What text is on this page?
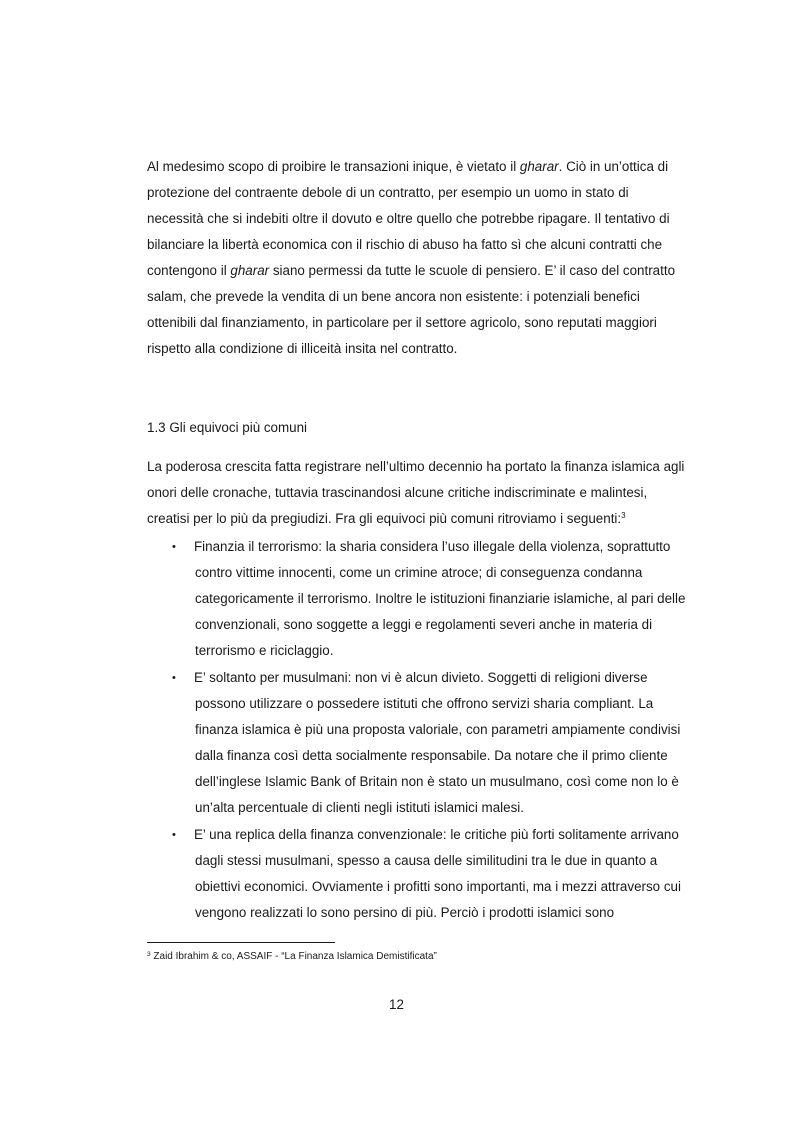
Al medesimo scopo di proibire le transazioni inique, è vietato il gharar. Ciò in un’ottica di
protezione del contraente debole di un contratto, per esempio un uomo in stato di
necessità che si indebiti oltre il dovuto e oltre quello che potrebbe ripagare. Il tentativo di
bilanciare la libertà economica con il rischio di abuso ha fatto sì che alcuni contratti che
contengono il gharar siano permessi da tutte le scuole di pensiero. E’ il caso del contratto
salam, che prevede la vendita di un bene ancora non esistente: i potenziali benefici
ottenibili dal finanziamento, in particolare per il settore agricolo, sono reputati maggiori
rispetto alla condizione di illiceità insita nel contratto.
1.3 Gli equivoci più comuni
La poderosa crescita fatta registrare nell’ultimo decennio ha portato la finanza islamica agli
onori delle cronache, tuttavia trascinandosi alcune critiche indiscriminate e malintesi,
creatisi per lo più da pregiudizi. Fra gli equivoci più comuni ritroviamo i seguenti:$^3$
• Finanzia il terrorismo: la sharia considera l’uso illegale della violenza, soprattutto
contro vittime innocenti, come un crimine atroce; di conseguenza condanna
categoricamente il terrorismo. Inoltre le istituzioni finanziarie islamiche, al pari delle
convenzionali, sono soggette a leggi e regolamenti severi anche in materia di
terrorismo e riciclaggio.
• E’ soltanto per musulmani: non vi è alcun divieto. Soggetti di religioni diverse
possono utilizzare o possedere istituti che offrono servizi sharia compliant. La
finanza islamica è più una proposta valoriale, con parametri ampiamente condivisi
dalla finanza così detta socialmente responsabile. Da notare che il primo cliente
dell’inglese Islamic Bank of Britain non è stato un musulmano, così come non lo è
un’alta percentuale di clienti negli istituti islamici malesi.
• E’ una replica della finanza convenzionale: le critiche più forti solitamente arrivano
dagli stessi musulmani, spesso a causa delle similitudini tra le due in quanto a
obiettivi economici. Ovviamente i profitti sono importanti, ma i mezzi attraverso cui
vengono realizzati lo sono persino di più. Perciò i prodotti islamici sono
$^3$ Zaid Ibrahim & co, ASSAIF - “La Finanza Islamica Demistificata”
12
